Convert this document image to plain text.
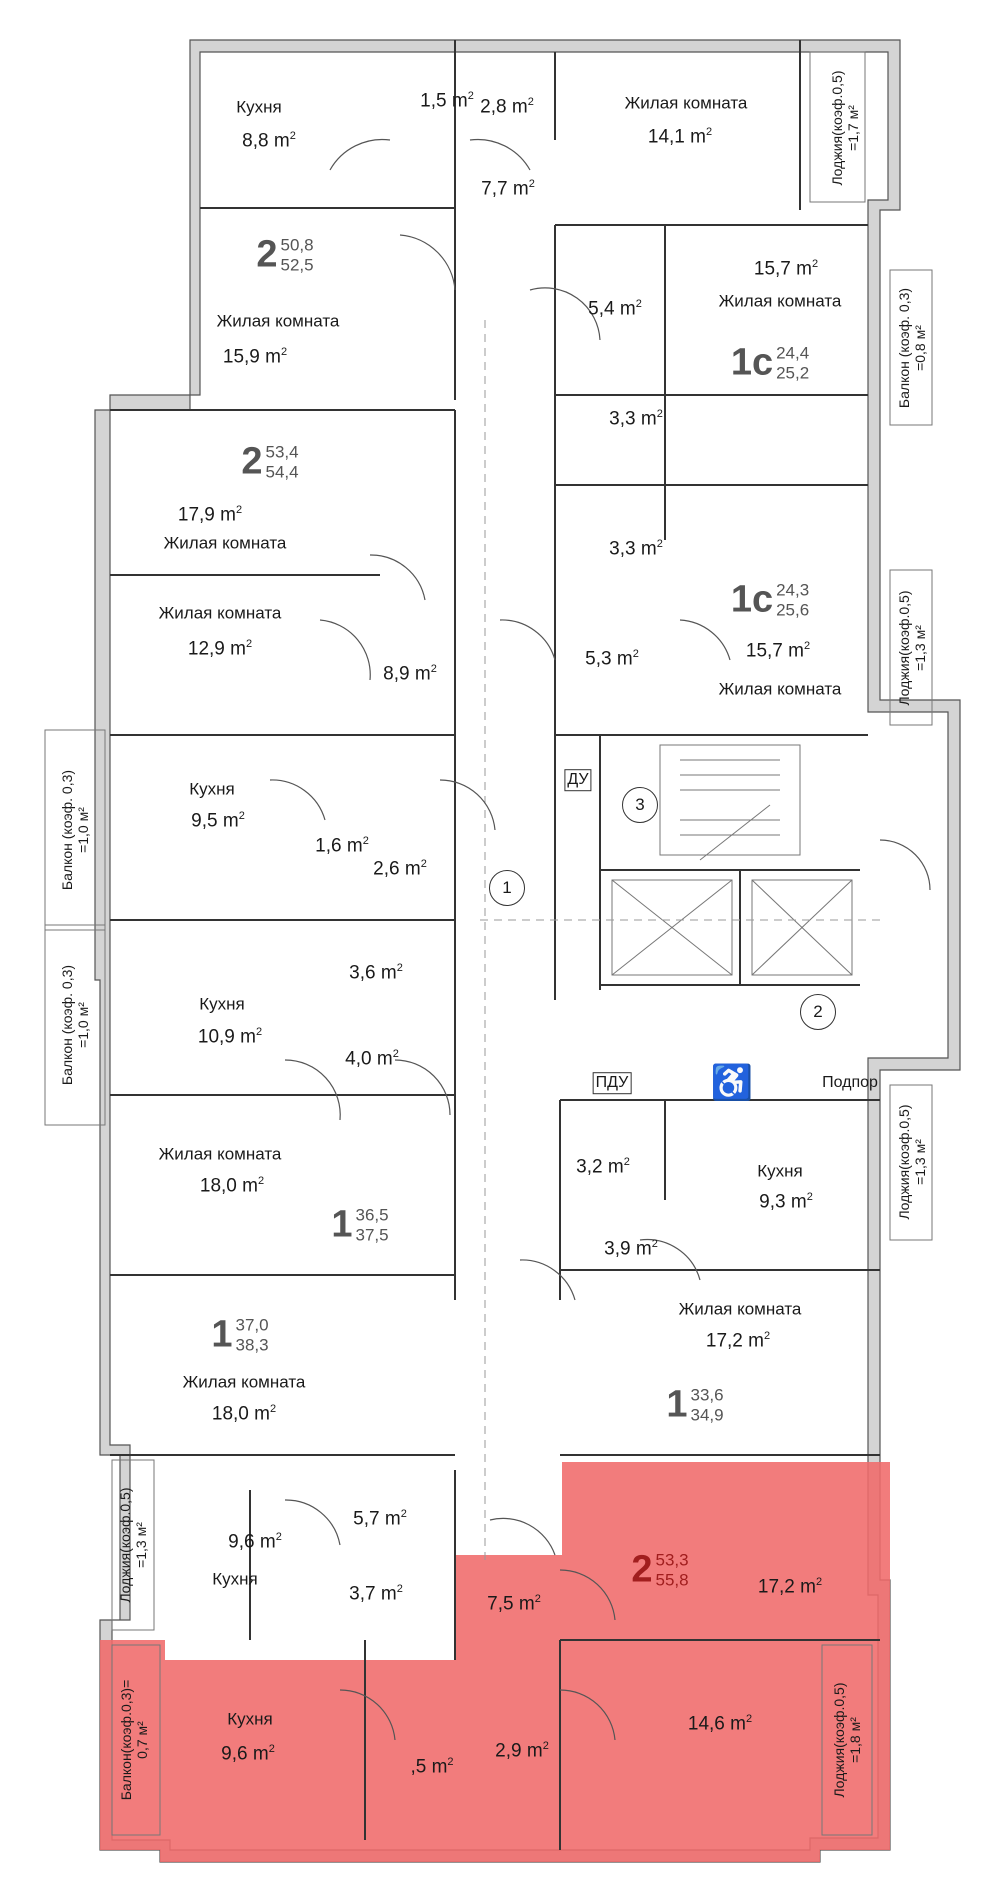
Кухня
8,8 $m^2$
1,5 $m^2$
2,8 $m^2$	Жилая комната
14,1 $m^2$
7,7 $m^2$
Жилая комната
15,9 $m^2$
5,4 $m^2$
15,7 $m^2$
Жилая комната
3,3 $m^2$
17,9 $m^2$
Жилая комната	3,3 $m^2$
Жилая комната
12,9 $m^2$
8,9 $m^2$	5,3 $m^2$	15,7 $m^2$
Жилая комната
Кухня
9,5 $m^2$
1,6 $m^2$
2,6 $m^2$
3,6 $m^2$
Кухня
10,9 $m^2$
4,0 $m^2$
Жилая комната
18,0 $m^2$
3,2 $m^2$	Кухня
9,3 $m^2$
3,9 $m^2$
Жилая комната
17,2 $m^2$
Жилая комната
18,0 $m^2$
5,7 $m^2$
9,6 $m^2$
Кухня
3,7 $m^2$
7,5 $m^2$
17,2 $m^2$
Кухня
9,6 $m^2$
,5 $m^2$
2,9 $m^2$
14,6 $m^2$
2 50,8
52,5
1с 24,4
25,2
2 53,4
54,4
1с 24,3
25,6
1 36,5
37,5
1 33,6
34,9
1 37,0
38,3
2 53,3
55,8
Лоджия(коэф.0,5)
=1,7 м²
Балкон (коэф. 0,3)
=0,8 м²
Лоджия(коэф.0,5)
=1,3 м²
Балкон (коэф. 0,3)
=1,0 м²
Балкон (коэф. 0,3)
=1,0 м²
Лоджия(коэф.0,5)
=1,3 м²
Лоджия(коэф.0,5)
=1,3 м²
Балкон(коэф.0,3)=
0,7 м²	Лоджия(коэф.0,5)
=1,8 м²
1
2
3
ДУ
ПДУ	Подпор
♿
